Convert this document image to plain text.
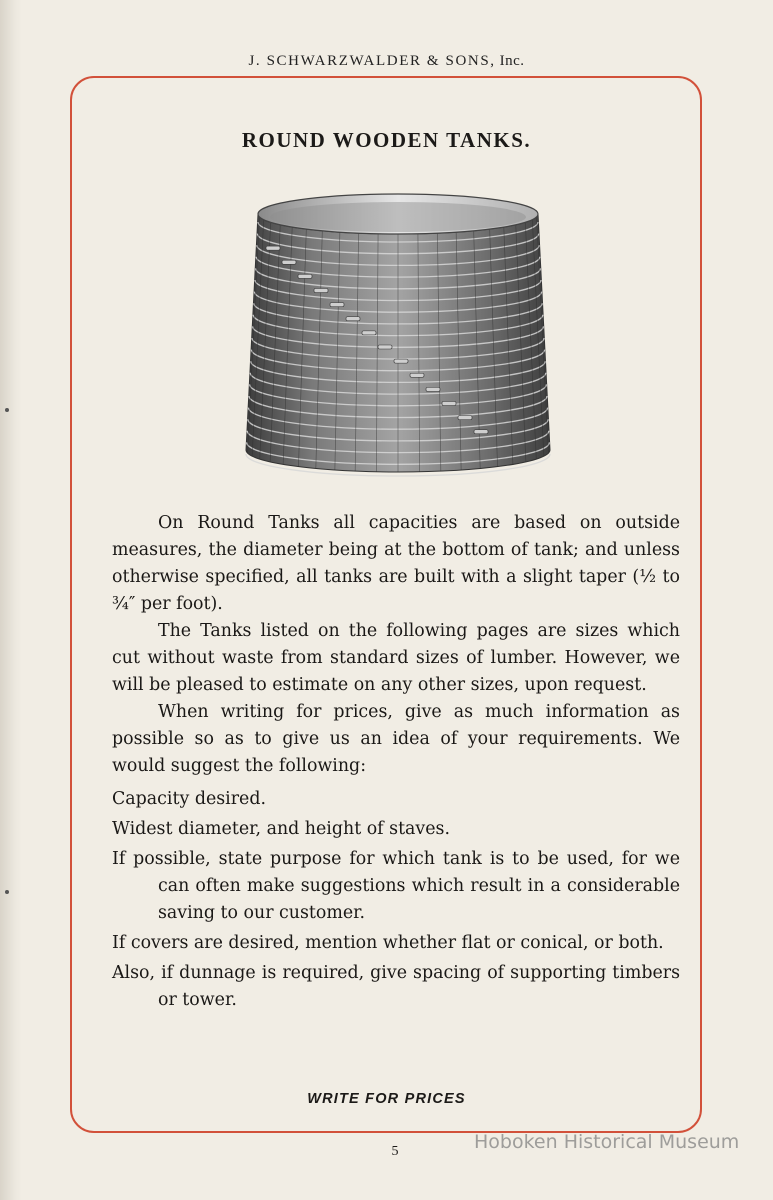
J. SCHWARZWALDER & SONS, Inc.
ROUND WOODEN TANKS.

On Round Tanks all capacities are based on outside measures, the diameter being at the bottom of tank; and unless otherwise specified, all tanks are built with a slight taper (½ to ¾″ per foot).

The Tanks listed on the following pages are sizes which cut without waste from standard sizes of lumber. However, we will be pleased to estimate on any other sizes, upon request.

When writing for prices, give as much information as possible so as to give us an idea of your requirements. We would suggest the following:

Capacity desired.

Widest diameter, and height of staves.

If possible, state purpose for which tank is to be used, for we can often make suggestions which result in a considerable saving to our customer.

If covers are desired, mention whether flat or conical, or both.

Also, if dunnage is required, give spacing of supporting timbers or tower.

WRITE FOR PRICES
5	Hoboken Historical Museum
